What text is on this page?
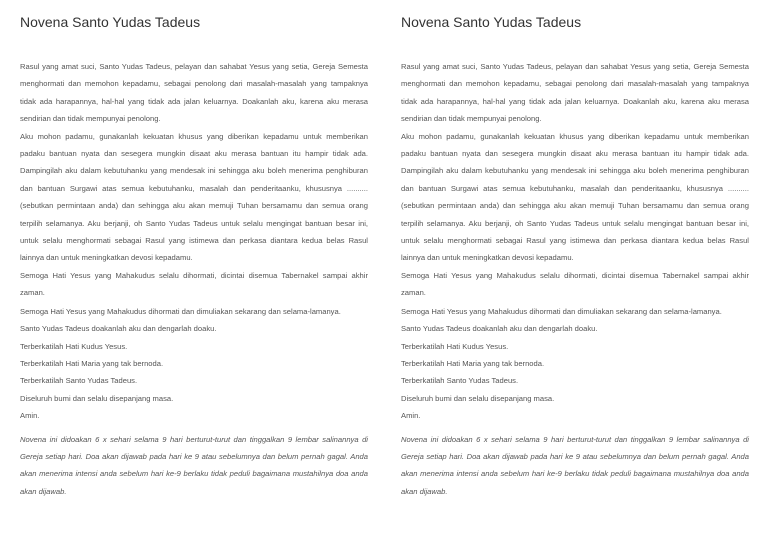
Novena Santo Yudas Tadeus

Rasul yang amat suci, Santo Yudas Tadeus, pelayan dan sahabat Yesus yang setia, Gereja Semesta menghormati dan memohon kepadamu, sebagai penolong dari masalah-masalah yang tampaknya tidak ada harapannya, hal-hal yang tidak ada jalan keluarnya. Doakanlah aku, karena aku merasa sendirian dan tidak mempunyai penolong.

Aku mohon padamu, gunakanlah kekuatan khusus yang diberikan kepadamu untuk memberikan padaku bantuan nyata dan sesegera mungkin disaat aku merasa bantuan itu hampir tidak ada. Dampingilah aku dalam kebutuhanku yang mendesak ini sehingga aku boleh menerima penghiburan dan bantuan Surgawi atas semua kebutuhanku, masalah dan penderitaanku, khususnya .......... (sebutkan permintaan anda) dan sehingga aku akan memuji Tuhan bersamamu dan semua orang terpilih selamanya. Aku berjanji, oh Santo Yudas Tadeus untuk selalu mengingat bantuan besar ini, untuk selalu menghormati sebagai Rasul yang istimewa dan perkasa diantara kedua belas Rasul lainnya dan untuk meningkatkan devosi kepadamu.

Semoga Hati Yesus yang Mahakudus selalu dihormati, dicintai disemua Tabernakel sampai akhir zaman.

Semoga Hati Yesus yang Mahakudus dihormati dan dimuliakan sekarang dan selama-lamanya.

Santo Yudas Tadeus doakanlah aku dan dengarlah doaku.

Terberkatilah Hati Kudus Yesus.

Terberkatilah Hati Maria yang tak bernoda.

Terberkatilah Santo Yudas Tadeus.

Diseluruh bumi dan selalu disepanjang masa.

Amin.

Novena ini didoakan 6 x sehari selama 9 hari berturut-turut dan tinggalkan 9 lembar salinannya di Gereja setiap hari. Doa akan dijawab pada hari ke 9 atau sebelumnya dan belum pernah gagal. Anda akan menerima intensi anda sebelum hari ke-9 berlaku tidak peduli bagaimana mustahilnya doa anda akan dijawab.

Novena Santo Yudas Tadeus

Rasul yang amat suci, Santo Yudas Tadeus, pelayan dan sahabat Yesus yang setia, Gereja Semesta menghormati dan memohon kepadamu, sebagai penolong dari masalah-masalah yang tampaknya tidak ada harapannya, hal-hal yang tidak ada jalan keluarnya. Doakanlah aku, karena aku merasa sendirian dan tidak mempunyai penolong.

Aku mohon padamu, gunakanlah kekuatan khusus yang diberikan kepadamu untuk memberikan padaku bantuan nyata dan sesegera mungkin disaat aku merasa bantuan itu hampir tidak ada. Dampingilah aku dalam kebutuhanku yang mendesak ini sehingga aku boleh menerima penghiburan dan bantuan Surgawi atas semua kebutuhanku, masalah dan penderitaanku, khususnya .......... (sebutkan permintaan anda) dan sehingga aku akan memuji Tuhan bersamamu dan semua orang terpilih selamanya. Aku berjanji, oh Santo Yudas Tadeus untuk selalu mengingat bantuan besar ini, untuk selalu menghormati sebagai Rasul yang istimewa dan perkasa diantara kedua belas Rasul lainnya dan untuk meningkatkan devosi kepadamu.

Semoga Hati Yesus yang Mahakudus selalu dihormati, dicintai disemua Tabernakel sampai akhir zaman.

Semoga Hati Yesus yang Mahakudus dihormati dan dimuliakan sekarang dan selama-lamanya.

Santo Yudas Tadeus doakanlah aku dan dengarlah doaku.

Terberkatilah Hati Kudus Yesus.

Terberkatilah Hati Maria yang tak bernoda.

Terberkatilah Santo Yudas Tadeus.

Diseluruh bumi dan selalu disepanjang masa.

Amin.

Novena ini didoakan 6 x sehari selama 9 hari berturut-turut dan tinggalkan 9 lembar salinannya di Gereja setiap hari. Doa akan dijawab pada hari ke 9 atau sebelumnya dan belum pernah gagal. Anda akan menerima intensi anda sebelum hari ke-9 berlaku tidak peduli bagaimana mustahilnya doa anda akan dijawab.
